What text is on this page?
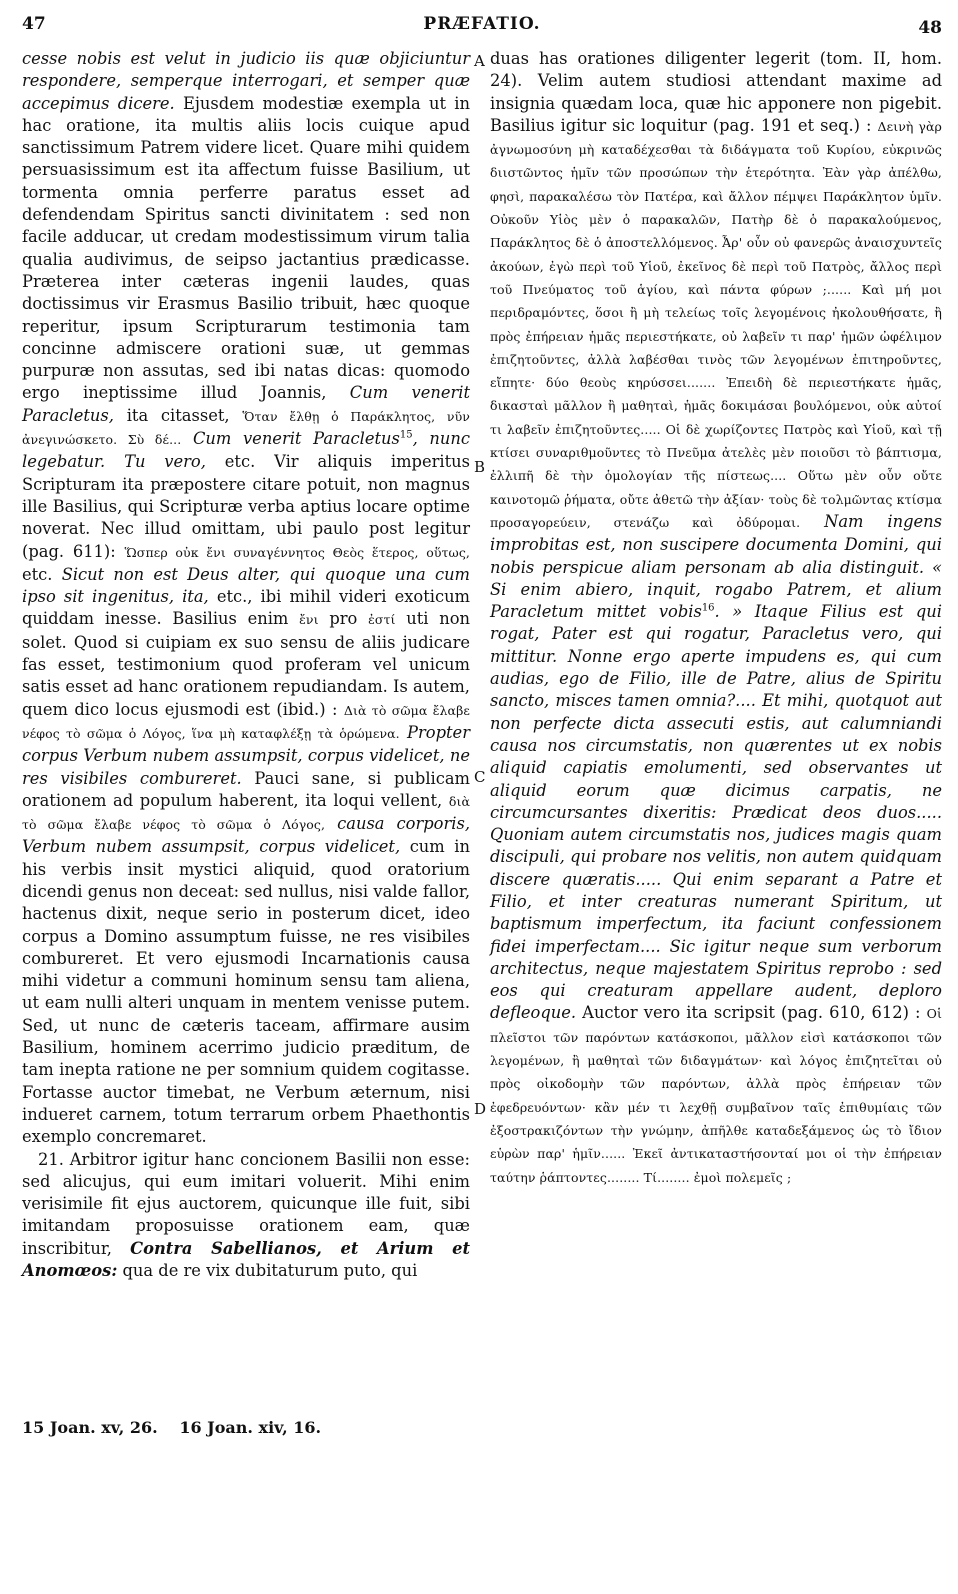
47	PRÆFATIO.	48

cesse nobis est velut in judicio iis quæ objiciuntur respondere, semperque interrogari, et semper quæ accepimus dicere. Ejusdem modestiæ exempla ut in hac oratione, ita multis aliis locis cuique apud sanctissimum Patrem videre licet. Quare mihi quidem persuasissimum est ita affectum fuisse Basilium, ut tormenta omnia perferre paratus esset ad defendendam Spiritus sancti divinitatem : sed non facile adducar, ut credam modestissimum virum talia qualia audivimus, de seipso jactantius prædicasse. Præterea inter cæteras ingenii laudes, quas doctissimus vir Erasmus Basilio tribuit, hæc quoque reperitur, ipsum Scripturarum testimonia tam concinne admiscere orationi suæ, ut gemmas purpuræ non assutas, sed ibi natas dicas: quomodo ergo ineptissime illud Joannis, Cum venerit Paracletus, ita citasset, Ὅταν ἔλθῃ ὁ Παράκλητος, νῦν ἀνεγινώσκετο. Σὺ δέ... Cum venerit Paracletus$^{15}$, nunc legebatur. Tu vero, etc. Vir aliquis imperitus Scripturam ita præpostere citare potuit, non magnus ille Basilius, qui Scripturæ verba aptius locare optime noverat. Nec illud omittam, ubi paulo post legitur (pag. 611): Ὥσπερ οὐκ ἔνι συναγέννητος Θεὸς ἕτερος, οὕτως, etc. Sicut non est Deus alter, qui quoque una cum ipso sit ingenitus, ita, etc., ibi mihil videri exoticum quiddam inesse. Basilius enim ἔνι pro ἐστί uti non solet. Quod si cuipiam ex suo sensu de aliis judicare fas esset, testimonium quod proferam vel unicum satis esset ad hanc orationem repudiandam. Is autem, quem dico locus ejusmodi est (ibid.) : Διὰ τὸ σῶμα ἔλαβε νέφος τὸ σῶμα ὁ Λόγος, ἵνα μὴ καταφλέξῃ τὰ ὁρώμενα. Propter corpus Verbum nubem assumpsit, corpus videlicet, ne res visibiles combureret. Pauci sane, si publicam orationem ad populum haberent, ita loqui vellent, διὰ τὸ σῶμα ἔλαβε νέφος τὸ σῶμα ὁ Λόγος, causa corporis, Verbum nubem assumpsit, corpus videlicet, cum in his verbis insit mystici aliquid, quod oratorium dicendi genus non deceat: sed nullus, nisi valde fallor, hactenus dixit, neque serio in posterum dicet, ideo corpus a Domino assumptum fuisse, ne res visibiles combureret. Et vero ejusmodi Incarnationis causa mihi videtur a communi hominum sensu tam aliena, ut eam nulli alteri unquam in mentem venisse putem. Sed, ut nunc de cæteris taceam, affirmare ausim Basilium, hominem acerrimo judicio præditum, de tam inepta ratione ne per somnium quidem cogitasse. Fortasse auctor timebat, ne Verbum æternum, nisi indueret carnem, totum terrarum orbem Phaethontis exemplo concremaret.

21. Arbitror igitur hanc concionem Basilii non esse: sed alicujus, qui eum imitari voluerit. Mihi enim verisimile fit ejus auctorem, quicunque ille fuit, sibi imitandam proposuisse orationem eam, quæ inscribitur, Contra Sabellianos, et Arium et Anomœos: qua de re vix dubitaturum puto, qui

duas has orationes diligenter legerit (tom. II, hom. 24). Velim autem studiosi attendant maxime ad insignia quædam loca, quæ hic apponere non pigebit. Basilius igitur sic loquitur (pag. 191 et seq.) : Δεινὴ γὰρ ἀγνωμοσύνη μὴ καταδέχεσθαι τὰ διδάγματα τοῦ Κυρίου, εὐκρινῶς διιστῶντος ἡμῖν τῶν προσώπων τὴν ἑτερότητα. Ἐὰν γὰρ ἀπέλθω, φησὶ, παρακαλέσω τὸν Πατέρα, καὶ ἄλλον πέμψει Παράκλητον ὑμῖν. Οὐκοῦν Υἱὸς μὲν ὁ παρακαλῶν, Πατὴρ δὲ ὁ παρακαλούμενος, Παράκλητος δὲ ὁ ἀποστελλόμενος. Ἆρ' οὖν οὐ φανερῶς ἀναισχυντεῖς ἀκούων, ἐγὼ περὶ τοῦ Υἱοῦ, ἐκεῖνος δὲ περὶ τοῦ Πατρὸς, ἄλλος περὶ τοῦ Πνεύματος τοῦ ἁγίου, καὶ πάντα φύρων ;...... Καὶ μή μοι περιδραμόντες, ὅσοι ἢ μὴ τελείως τοῖς λεγομένοις ἠκολουθήσατε, ἢ πρὸς ἐπήρειαν ἡμᾶς περιεστήκατε, οὐ λαβεῖν τι παρ' ἡμῶν ὠφέλιμον ἐπιζητοῦντες, ἀλλὰ λαβέσθαι τινὸς τῶν λεγομένων ἐπιτηροῦντες, εἴπητε· δύο θεοὺς κηρύσσει....... Ἐπειδὴ δὲ περιεστήκατε ἡμᾶς, δικασταὶ μᾶλλον ἢ μαθηταὶ, ἡμᾶς δοκιμάσαι βουλόμενοι, οὐκ αὐτοί τι λαβεῖν ἐπιζητοῦντες..... Οἱ δὲ χωρίζοντες Πατρὸς καὶ Υἱοῦ, καὶ τῇ κτίσει συναριθμοῦντες τὸ Πνεῦμα ἀτελὲς μὲν ποιοῦσι τὸ βάπτισμα, ἐλλιπῆ δὲ τὴν ὁμολογίαν τῆς πίστεως.... Οὕτω μὲν οὖν οὔτε καινοτομῶ ῥήματα, οὔτε ἀθετῶ τὴν ἀξίαν· τοὺς δὲ τολμῶντας κτίσμα προσαγορεύειν, στενάζω καὶ ὀδύρομαι. Nam ingens improbitas est, non suscipere documenta Domini, qui nobis perspicue aliam personam ab alia distinguit. « Si enim abiero, inquit, rogabo Patrem, et alium Paracletum mittet vobis$^{16}$. » Itaque Filius est qui rogat, Pater est qui rogatur, Paracletus vero, qui mittitur. Nonne ergo aperte impudens es, qui cum audias, ego de Filio, ille de Patre, alius de Spiritu sancto, misces tamen omnia?.... Et mihi, quotquot aut non perfecte dicta assecuti estis, aut calumniandi causa nos circumstatis, non quærentes ut ex nobis aliquid capiatis emolumenti, sed observantes ut aliquid eorum quæ dicimus carpatis, ne circumcursantes dixeritis: Prædicat deos duos..... Quoniam autem circumstatis nos, judices magis quam discipuli, qui probare nos velitis, non autem quidquam discere quæratis..... Qui enim separant a Patre et Filio, et inter creaturas numerant Spiritum, ut baptismum imperfectum, ita faciunt confessionem fidei imperfectam.... Sic igitur neque sum verborum architectus, neque majestatem Spiritus reprobo : sed eos qui creaturam appellare audent, deploro defleoque. Auctor vero ita scripsit (pag. 610, 612) : Οἱ πλεῖστοι τῶν παρόντων κατάσκοποι, μᾶλλον εἰσὶ κατάσκοποι τῶν λεγομένων, ἢ μαθηταὶ τῶν διδαγμάτων· καὶ λόγος ἐπιζητεῖται οὐ πρὸς οἰκοδομὴν τῶν παρόντων, ἀλλὰ πρὸς ἐπήρειαν τῶν ἐφεδρευόντων· κἂν μέν τι λεχθῇ συμβαῖνον ταῖς ἐπιθυμίαις τῶν ἐξοστρακιζόντων τὴν γνώμην, ἀπῆλθε καταδεξάμενος ὡς τὸ ἴδιον εὑρὼν παρ' ἡμῖν...... Ἐκεῖ ἀντικαταστήσονταί μοι οἱ τὴν ἐπήρειαν ταύτην ῥάπτοντες........ Τί........ ἐμοὶ πολεμεῖς ;

A
B
C
D
15 Joan. xv, 26. 16 Joan. xiv, 16.
